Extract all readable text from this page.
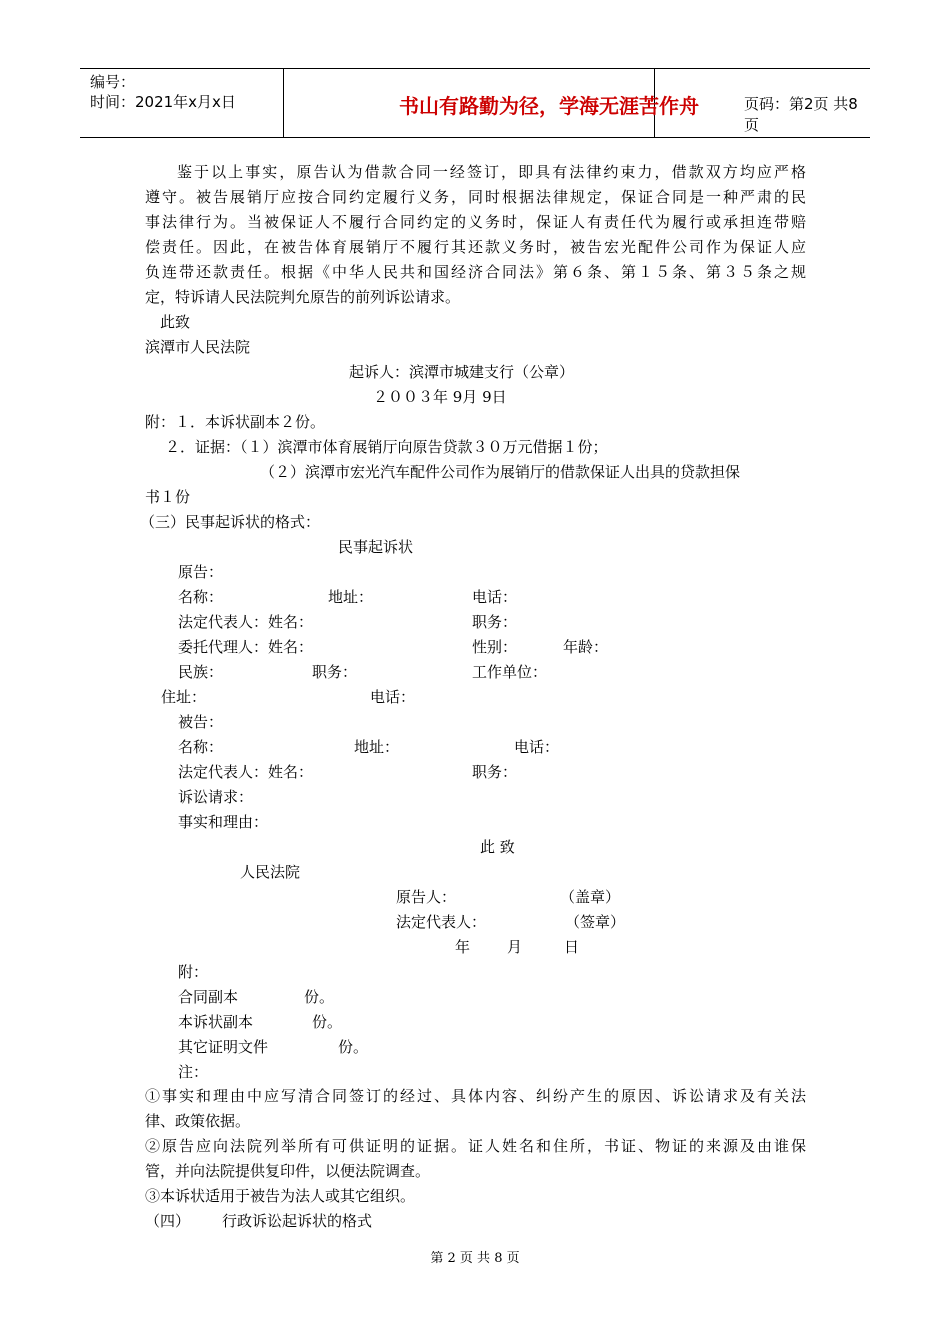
编号：
时间：2021年x月x日	书山有路勤为径，学海无涯苦作舟	页码：第2页 共8页
鉴于以上事实，原告认为借款合同一经签订，即具有法律约束力，借款双方均应严格
遵守。被告展销厅应按合同约定履行义务，同时根据法律规定，保证合同是一种严肃的民
事法律行为。当被保证人不履行合同约定的义务时，保证人有责任代为履行或承担连带赔
偿责任。因此，在被告体育展销厅不履行其还款义务时，被告宏光配件公司作为保证人应
负连带还款责任。根据《中华人民共和国经济合同法》第６条、第１５条、第３５条之规
定，特诉请人民法院判允原告的前列诉讼请求。
此致
滨潭市人民法院
起诉人：滨潭市城建支行（公章）
２００３年 9月 9日
附：１．本诉状副本２份。
２．证据：（１）滨潭市体育展销厅向原告贷款３０万元借据１份；
（２）滨潭市宏光汽车配件公司作为展销厅的借款保证人出具的贷款担保
书１份
（三）民事起诉状的格式：
民事起诉状
原告：
名称：	地址：	电话：
法定代表人：姓名：	职务：
委托代理人：姓名：	性别：	年龄：
民族：	职务：	工作单位：
住址：	电话：
被告：
名称：	地址：	电话：
法定代表人：姓名：	职务：
诉讼请求：
事实和理由：
此 致
人民法院
原告人：	（盖章）
法定代表人：	（签章）
年 月	日
附：
合同副本	份。
本诉状副本	份。
其它证明文件	份。
注：
①事实和理由中应写清合同签订的经过、具体内容、纠纷产生的原因、诉讼请求及有关法
律、政策依据。
②原告应向法院列举所有可供证明的证据。证人姓名和住所，书证、物证的来源及由谁保
管，并向法院提供复印件，以便法院调查。
③本诉状适用于被告为法人或其它组织。
（四） 行政诉讼起诉状的格式
第 2 页 共 8 页
